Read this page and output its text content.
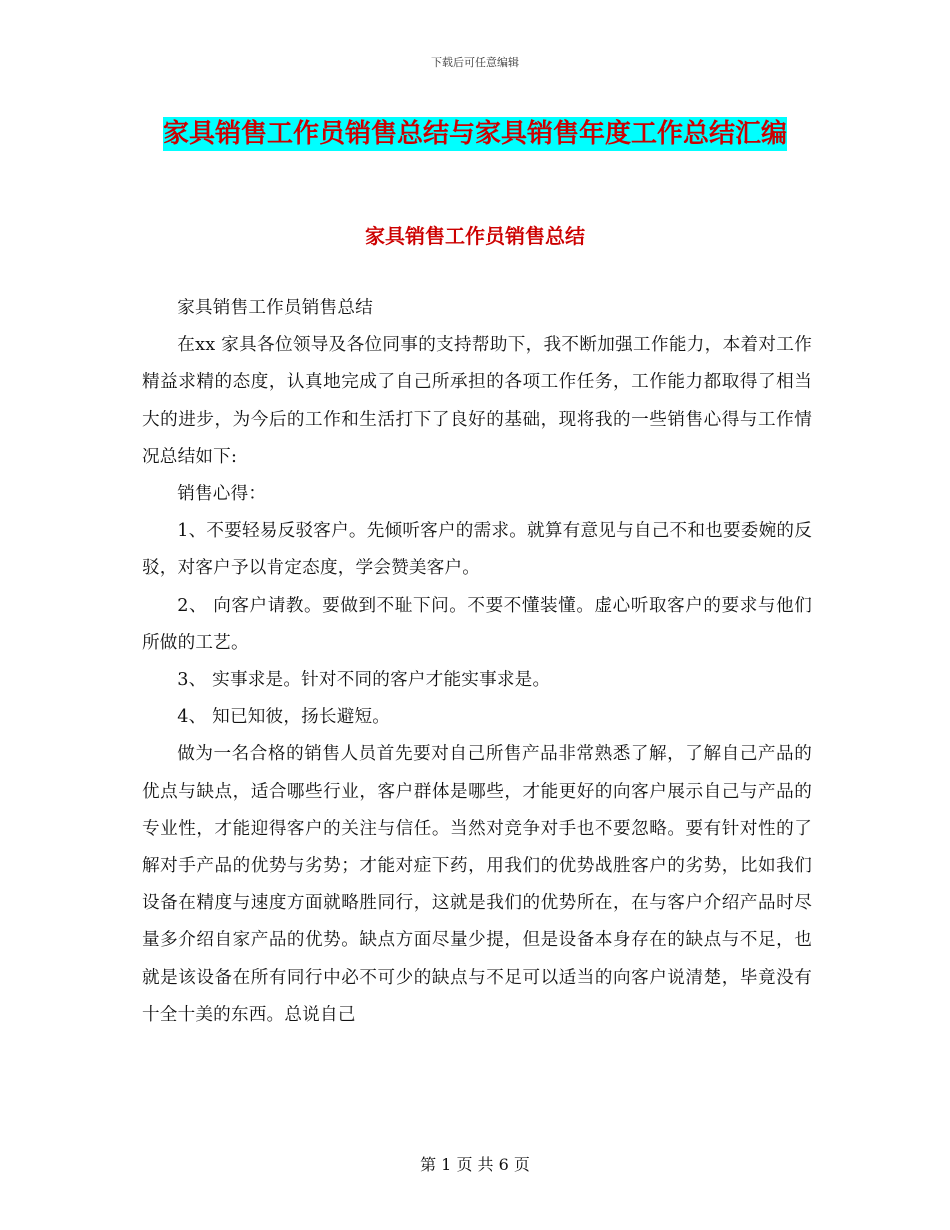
下载后可任意编辑
家具销售工作员销售总结与家具销售年度工作总结汇编
家具销售工作员销售总结

家具销售工作员销售总结

在xx 家具各位领导及各位同事的支持帮助下，我不断加强工作能力，本着对工作精益求精的态度，认真地完成了自己所承担的各项工作任务，工作能力都取得了相当大的进步，为今后的工作和生活打下了良好的基础，现将我的一些销售心得与工作情况总结如下:

销售心得：

1、不要轻易反驳客户。先倾听客户的需求。就算有意见与自己不和也要委婉的反驳，对客户予以肯定态度，学会赞美客户。

2、 向客户请教。要做到不耻下问。不要不懂装懂。虚心听取客户的要求与他们所做的工艺。

3、 实事求是。针对不同的客户才能实事求是。

4、 知已知彼，扬长避短。

做为一名合格的销售人员首先要对自己所售产品非常熟悉了解，了解自己产品的优点与缺点，适合哪些行业，客户群体是哪些，才能更好的向客户展示自己与产品的专业性，才能迎得客户的关注与信任。当然对竞争对手也不要忽略。要有针对性的了解对手产品的优势与劣势；才能对症下药，用我们的优势战胜客户的劣势，比如我们设备在精度与速度方面就略胜同行，这就是我们的优势所在，在与客户介绍产品时尽量多介绍自家产品的优势。缺点方面尽量少提，但是设备本身存在的缺点与不足，也就是该设备在所有同行中必不可少的缺点与不足可以适当的向客户说清楚，毕竟没有十全十美的东西。总说自己

第 1 页 共 6 页
